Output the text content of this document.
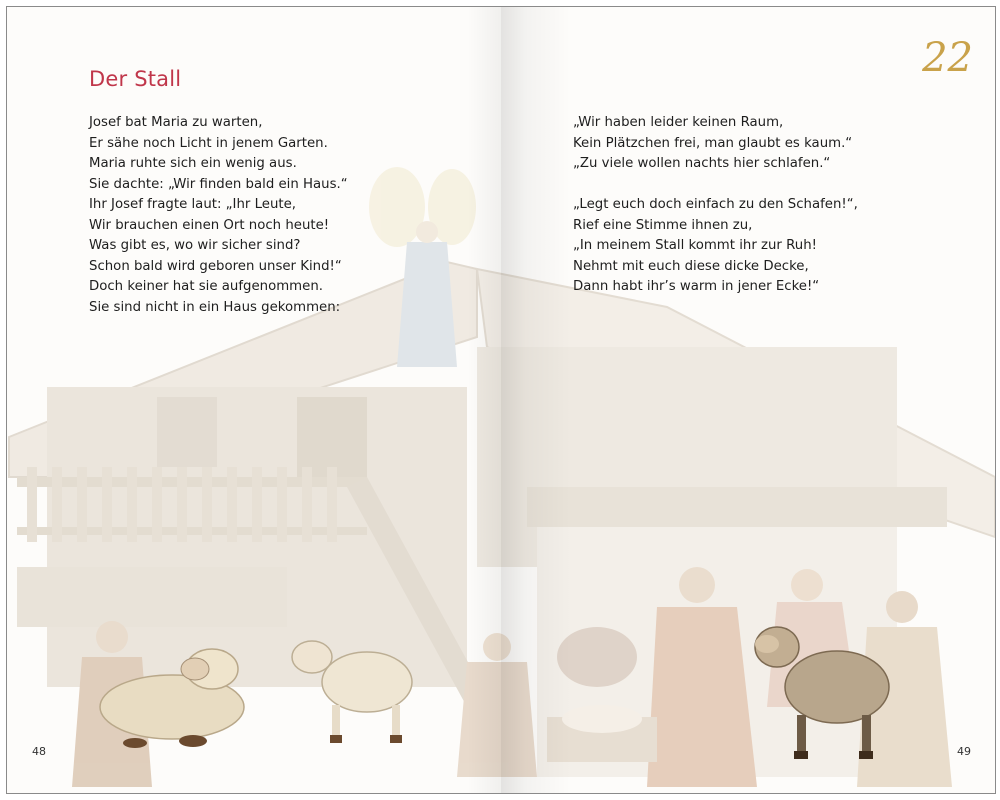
Der Stall
Josef bat Maria zu warten,
Er sähe noch Licht in jenem Garten.
Maria ruhte sich ein wenig aus.
Sie dachte: „Wir finden bald ein Haus.“
Ihr Josef fragte laut: „Ihr Leute,
Wir brauchen einen Ort noch heute!
Was gibt es, wo wir sicher sind?
Schon bald wird geboren unser Kind!“
Doch keiner hat sie aufgenommen.
Sie sind nicht in ein Haus gekommen:
48
22
„Wir haben leider keinen Raum,
Kein Plätzchen frei, man glaubt es kaum.“
„Zu viele wollen nachts hier schlafen.“
„Legt euch doch einfach zu den Schafen!“,
Rief eine Stimme ihnen zu,
„In meinem Stall kommt ihr zur Ruh!
Nehmt mit euch diese dicke Decke,
Dann habt ihr’s warm in jener Ecke!“
49
